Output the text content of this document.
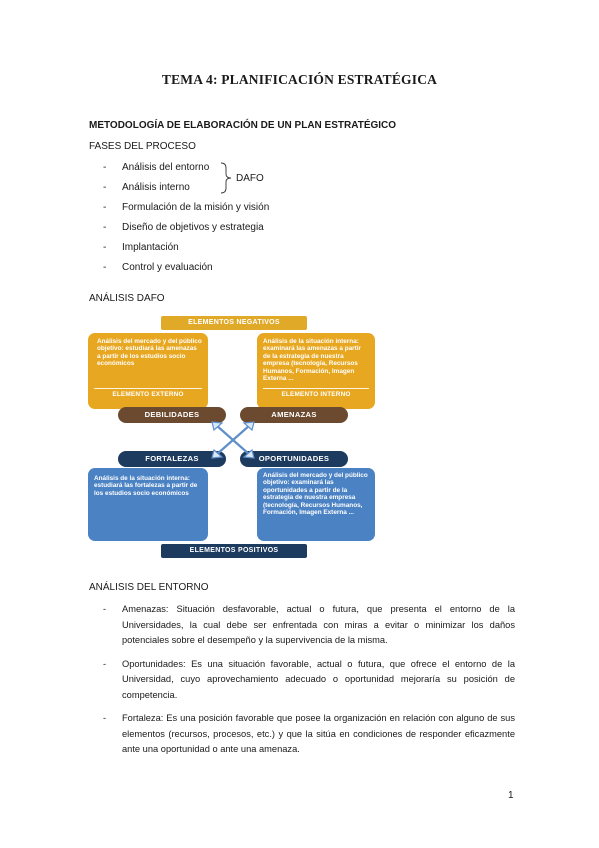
TEMA 4: PLANIFICACIÓN ESTRATÉGICA
METODOLOGÍA DE ELABORACIÓN DE UN PLAN ESTRATÉGICO
FASES DEL PROCESO
- Análisis del entorno
- Análisis interno
- Formulación de la misión y visión
- Diseño de objetivos y estrategia
- Implantación
- Control y evaluación
DAFO
ANÁLISIS DAFO
ELEMENTOS NEGATIVOS
Análisis del mercado y del público objetivo: estudiará las amenazas a partir de los estudios socio económicos
ELEMENTO EXTERNO
Análisis de la situación interna: examinará las amenazas a partir de la estrategia de nuestra empresa (tecnología, Recursos Humanos, Formación, Imagen Externa ...
ELEMENTO INTERNO
Análisis de la situación interna: estudiará las fortalezas a partir de los estudios socio económicos
Análisis del mercado y del público objetivo: examinará las oportunidades a partir de la estrategia de nuestra empresa (tecnología, Recursos Humanos, Formación, Imagen Externa ...
DEBILIDADES	AMENAZAS
FORTALEZAS	OPORTUNIDADES
ELEMENTOS POSITIVOS
ANÁLISIS DEL ENTORNO
- Amenazas: Situación desfavorable, actual o futura, que presenta el entorno de la Universidades, la cual debe ser enfrentada con miras a evitar o minimizar los daños potenciales sobre el desempeño y la supervivencia de la misma.
- Oportunidades: Es una situación favorable, actual o futura, que ofrece el entorno de la Universidad, cuyo aprovechamiento adecuado o oportunidad mejoraría su posición de competencia.
- Fortaleza: Es una posición favorable que posee la organización en relación con alguno de sus elementos (recursos, procesos, etc.) y que la sitúa en condiciones de responder eficazmente ante una oportunidad o ante una amenaza.
1
